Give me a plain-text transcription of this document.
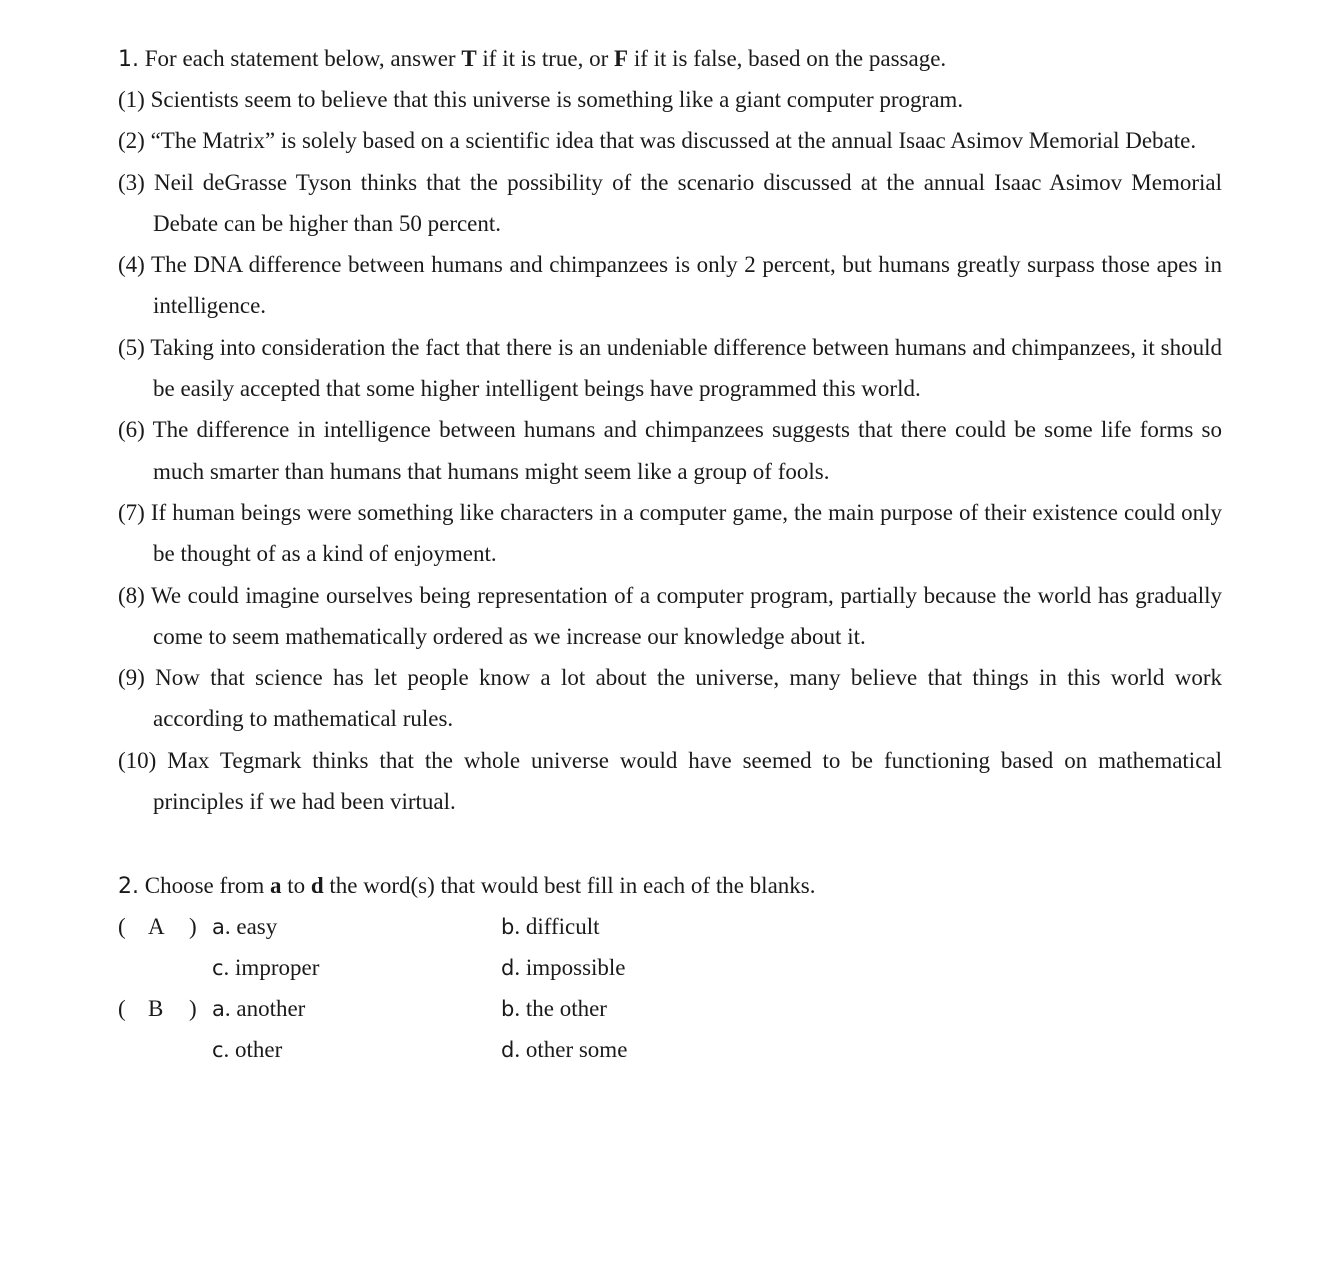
1. For each statement below, answer T if it is true, or F if it is false, based on the passage.
(1) Scientists seem to believe that this universe is something like a giant computer program.
(2) “The Matrix” is solely based on a scientific idea that was discussed at the annual Isaac Asimov Memorial Debate.
(3) Neil deGrasse Tyson thinks that the possibility of the scenario discussed at the annual Isaac Asimov Memorial Debate can be higher than 50 percent.
(4) The DNA difference between humans and chimpanzees is only 2 percent, but humans greatly surpass those apes in intelligence.
(5) Taking into consideration the fact that there is an undeniable difference between humans and chimpanzees, it should be easily accepted that some higher intelligent beings have programmed this world.
(6) The difference in intelligence between humans and chimpanzees suggests that there could be some life forms so much smarter than humans that humans might seem like a group of fools.
(7) If human beings were something like characters in a computer game, the main purpose of their existence could only be thought of as a kind of enjoyment.
(8) We could imagine ourselves being representation of a computer program, partially because the world has gradually come to seem mathematically ordered as we increase our knowledge about it.
(9) Now that science has let people know a lot about the universe, many believe that things in this world work according to mathematical rules.
(10) Max Tegmark thinks that the whole universe would have seemed to be functioning based on mathematical principles if we had been virtual.
2. Choose from a to d the word(s) that would best fill in each of the blanks.
( A ) a. easy	b. difficult
c. improper	d. impossible
( B ) a. another	b. the other
c. other	d. other some
